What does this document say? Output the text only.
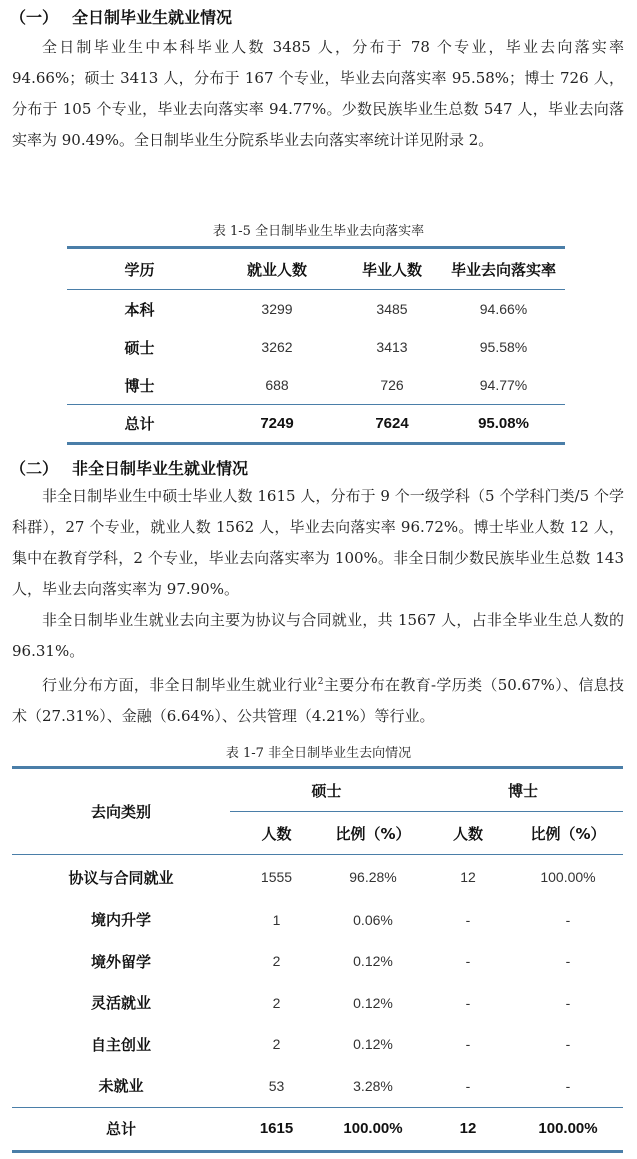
（一） 全日制毕业生就业情况

全日制毕业生中本科毕业人数 3485 人，分布于 78 个专业，毕业去向落实率 94.66%；硕士 3413 人，分布于 167 个专业，毕业去向落实率 95.58%；博士 726 人，分布于 105 个专业，毕业去向落实率 94.77%。少数民族毕业生总数 547 人，毕业去向落实率为 90.49%。全日制毕业生分院系毕业去向落实率统计详见附录 2。

表 1-5 全日制毕业生毕业去向落实率
学历	就业人数	毕业人数	毕业去向落实率
本科	3299	3485	94.66%
硕士	3262	3413	95.58%
博士	688	726	94.77%
总计	7249	7624	95.08%
（二） 非全日制毕业生就业情况

非全日制毕业生中硕士毕业人数 1615 人，分布于 9 个一级学科（5 个学科门类/5 个学科群），27 个专业，就业人数 1562 人，毕业去向落实率 96.72%。博士毕业人数 12 人，集中在教育学科，2 个专业，毕业去向落实率为 100%。非全日制少数民族毕业生总数 143 人，毕业去向落实率为 97.90%。

非全日制毕业生就业去向主要为协议与合同就业，共 1567 人，占非全毕业生总人数的 96.31%。

行业分布方面，非全日制毕业生就业行业$^2$主要分布在教育-学历类（50.67%）、信息技术（27.31%）、金融（6.64%）、公共管理（4.21%）等行业。

表 1-7 非全日制毕业生去向情况
去向类别	硕士		博士	
	人数	比例（%）	人数	比例（%）
协议与合同就业	1555	96.28%	12	100.00%
境内升学	1	0.06%	-	-
境外留学	2	0.12%	-	-
灵活就业	2	0.12%	-	-
自主创业	2	0.12%	-	-
未就业	53	3.28%	-	-
总计	1615	100.00%	12	100.00%
